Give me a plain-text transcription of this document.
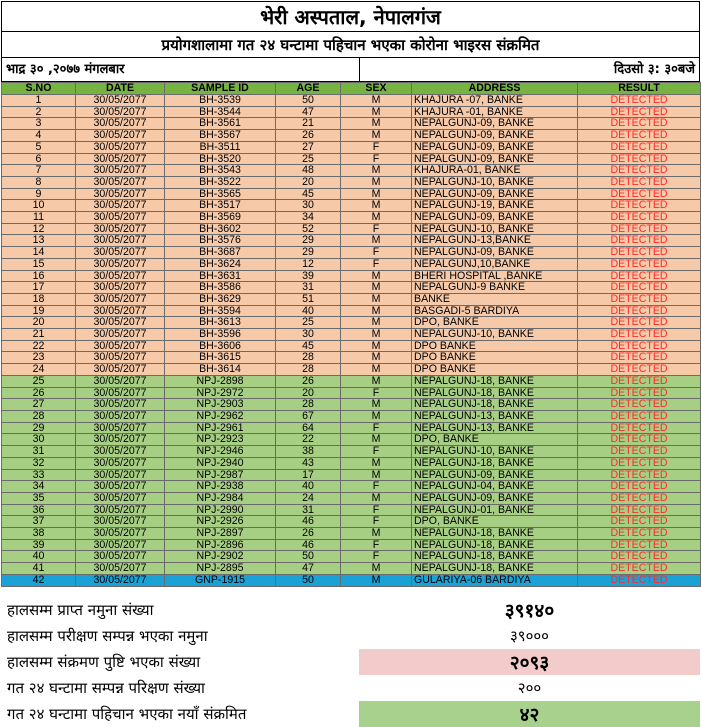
भेरी अस्पताल, नेपालगंज
प्रयोगशालामा गत २४ घन्टामा पहिचान भएका कोरोना भाइरस संक्रमित
भाद्र ३० ,२०७७ मंगलबार	दिउसो ३: ३०बजे
S.NO	DATE	SAMPLE ID	AGE	SEX	ADDRESS	RESULT
1	30/05/2077	BH-3539	50	M	KHAJURA -07, BANKE	DETECTED
2	30/05/2077	BH-3544	47	M	KHAJURA -01, BANKE	DETECTED
3	30/05/2077	BH-3561	21	M	NEPALGUNJ-09, BANKE	DETECTED
4	30/05/2077	BH-3567	26	M	NEPALGUNJ-09, BANKE	DETECTED
5	30/05/2077	BH-3511	27	F	NEPALGUNJ-09, BANKE	DETECTED
6	30/05/2077	BH-3520	25	F	NEPALGUNJ-09, BANKE	DETECTED
7	30/05/2077	BH-3543	48	M	KHAJURA-01, BANKE	DETECTED
8	30/05/2077	BH-3522	20	M	NEPALGUNJ-10, BANKE	DETECTED
9	30/05/2077	BH-3565	45	M	NEPALGUNJ-09, BANKE	DETECTED
10	30/05/2077	BH-3517	30	M	NEPALGUNJ-19, BANKE	DETECTED
11	30/05/2077	BH-3569	34	M	NEPALGUNJ-09, BANKE	DETECTED
12	30/05/2077	BH-3602	52	F	NEPALGUNJ-10, BANKE	DETECTED
13	30/05/2077	BH-3576	29	M	NEPALGUNJ-13,BANKE	DETECTED
14	30/05/2077	BH-3687	29	F	NEPALGUNJ-09, BANKE	DETECTED
15	30/05/2077	BH-3624	12	F	NEPALGUNJ,10,BANKE	DETECTED
16	30/05/2077	BH-3631	39	M	BHERI HOSPITAL ,BANKE	DETECTED
17	30/05/2077	BH-3586	31	M	NEPALGUNJ-9 BANKE	DETECTED
18	30/05/2077	BH-3629	51	M	BANKE	DETECTED
19	30/05/2077	BH-3594	40	M	BASGADI-5 BARDIYA	DETECTED
20	30/05/2077	BH-3613	25	M	DPO, BANKE	DETECTED
21	30/05/2077	BH-3596	30	M	NEPALGUNJ-10, BANKE	DETECTED
22	30/05/2077	BH-3606	45	M	DPO BANKE	DETECTED
23	30/05/2077	BH-3615	28	M	DPO BANKE	DETECTED
24	30/05/2077	BH-3614	28	M	DPO BANKE	DETECTED
25	30/05/2077	NPJ-2898	26	M	NEPALGUNJ-18, BANKE	DETECTED
26	30/05/2077	NPJ-2972	20	F	NEPALGUNJ-18, BANKE	DETECTED
27	30/05/2077	NPJ-2903	28	M	NEPALGUNJ-18, BANKE	DETECTED
28	30/05/2077	NPJ-2962	67	M	NEPALGUNJ-13, BANKE	DETECTED
29	30/05/2077	NPJ-2961	64	F	NEPALGUNJ-13, BANKE	DETECTED
30	30/05/2077	NPJ-2923	22	M	DPO, BANKE	DETECTED
31	30/05/2077	NPJ-2946	38	F	NEPALGUNJ-10, BANKE	DETECTED
32	30/05/2077	NPJ-2940	43	M	NEPALGUNJ-18, BANKE	DETECTED
33	30/05/2077	NPJ-2987	17	M	NEPALGUNJ-09, BANKE	DETECTED
34	30/05/2077	NPJ-2938	40	F	NEPALGUNJ-04, BANKE	DETECTED
35	30/05/2077	NPJ-2984	24	M	NEPALGUNJ-09, BANKE	DETECTED
36	30/05/2077	NPJ-2990	31	F	NEPALGUNJ-01, BANKE	DETECTED
37	30/05/2077	NPJ-2926	46	F	DPO, BANKE	DETECTED
38	30/05/2077	NPJ-2897	26	M	NEPALGUNJ-18, BANKE	DETECTED
39	30/05/2077	NPJ-2896	46	F	NEPALGUNJ-18, BANKE	DETECTED
40	30/05/2077	NPJ-2902	50	F	NEPALGUNJ-18, BANKE	DETECTED
41	30/05/2077	NPJ-2895	47	M	NEPALGUNJ-18, BANKE	DETECTED
42	30/05/2077	GNP-1915	50	M	GULARIYA-06 BARDIYA	DETECTED
हालसम्म प्राप्त नमुना संख्या	३९१४०
हालसम्म परीक्षण सम्पन्न भएका नमुना	३९०००
हालसम्म संक्रमण पुष्टि भएका संख्या	२०९३
गत २४ घन्टामा सम्पन्न परिक्षण संख्या	२००
गत २४ घन्टामा पहिचान भएका नयाँ संक्रमित	४२
